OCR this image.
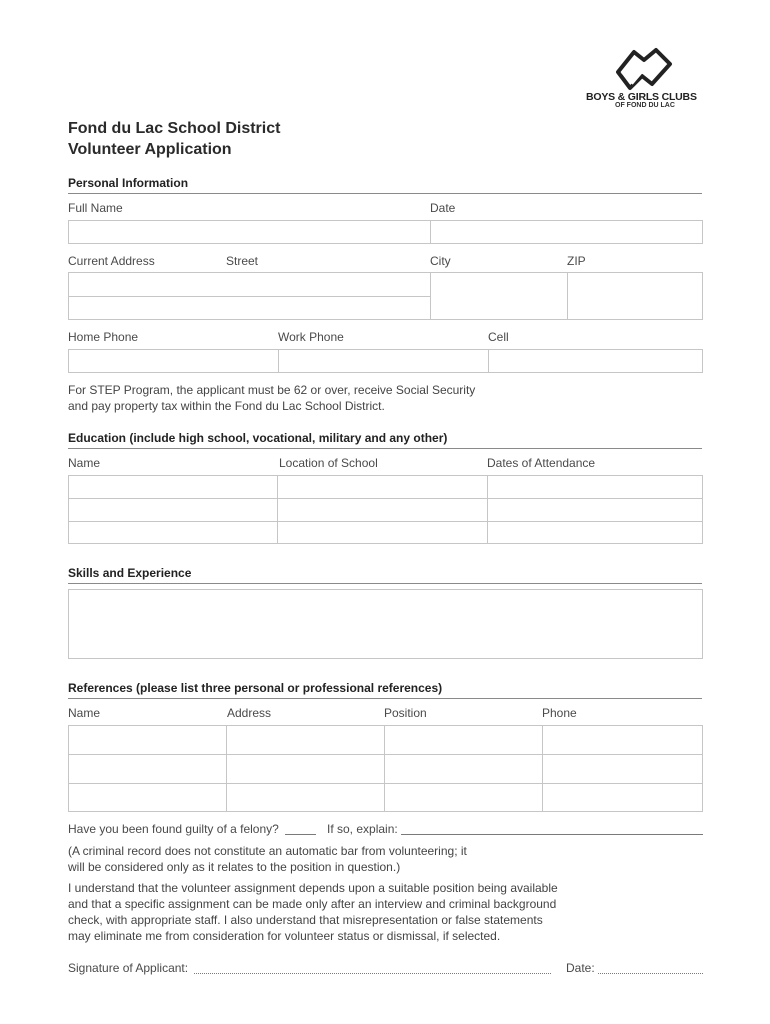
BOYS & GIRLS CLUBS
OF FOND DU LAC
Fond du Lac School District
Volunteer Application
Personal Information
Full Name	Date
Current Address	Street	City	ZIP
Home Phone	Work Phone	Cell
For STEP Program, the applicant must be 62 or over, receive Social Security
and pay property tax within the Fond du Lac School District.
Education (include high school, vocational, military and any other)
Name	Location of School	Dates of Attendance
Skills and Experience
References (please list three personal or professional references)
Name	Address	Position	Phone
Have you been found guilty of a felony?	If so, explain:
(A criminal record does not constitute an automatic bar from volunteering; it
will be considered only as it relates to the position in question.)
I understand that the volunteer assignment depends upon a suitable position being available
and that a specific assignment can be made only after an interview and criminal background
check, with appropriate staff. I also understand that misrepresentation or false statements
may eliminate me from consideration for volunteer status or dismissal, if selected.
Signature of Applicant:	Date:
